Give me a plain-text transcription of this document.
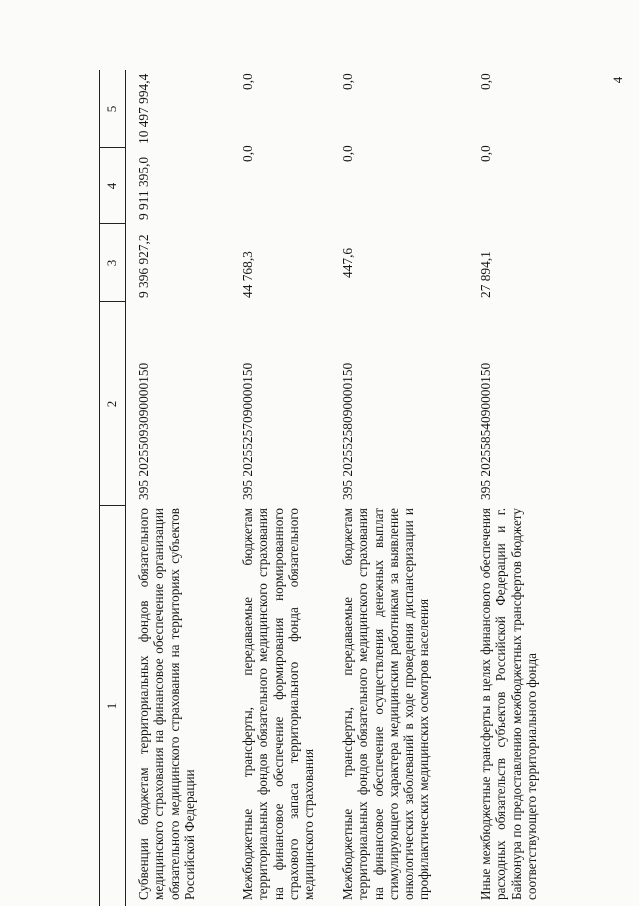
4
1
2
3
4
5
Субвенции бюджетам территориальных фондов обязательного медицинского страхования на финансовое обеспечение организации обязательного медицинского страхования на территориях субъектов Российской Федерации
395 20255093090000150
9 396 927,2
9 911 395,0
10 497 994,4
Межбюджетные трансферты, передаваемые бюджетам территориальных фондов обязательного медицинского страхования на финансовое обеспечение формирования нормированного страхового запаса территориального фонда обязательного медицинского страхования
395 20255257090000150
44 768,3
0,0
0,0
Межбюджетные трансферты, передаваемые бюджетам территориальных фондов обязательного медицинского страхования на финансовое обеспечение осуществления денежных выплат стимулирующего характера медицинским работникам за выявление онкологических заболеваний в ходе проведения диспансеризации и профилактических медицинских осмотров населения
395 20255258090000150
447,6
0,0
0,0
Иные межбюджетные трансферты в целях финансового обеспечения расходных обязательств субъектов Российской Федерации и г. Байконура по предоставлению межбюджетных трансфертов бюджету соответствующего территориального фонда
395 20255854090000150
27 894,1
0,0
0,0
